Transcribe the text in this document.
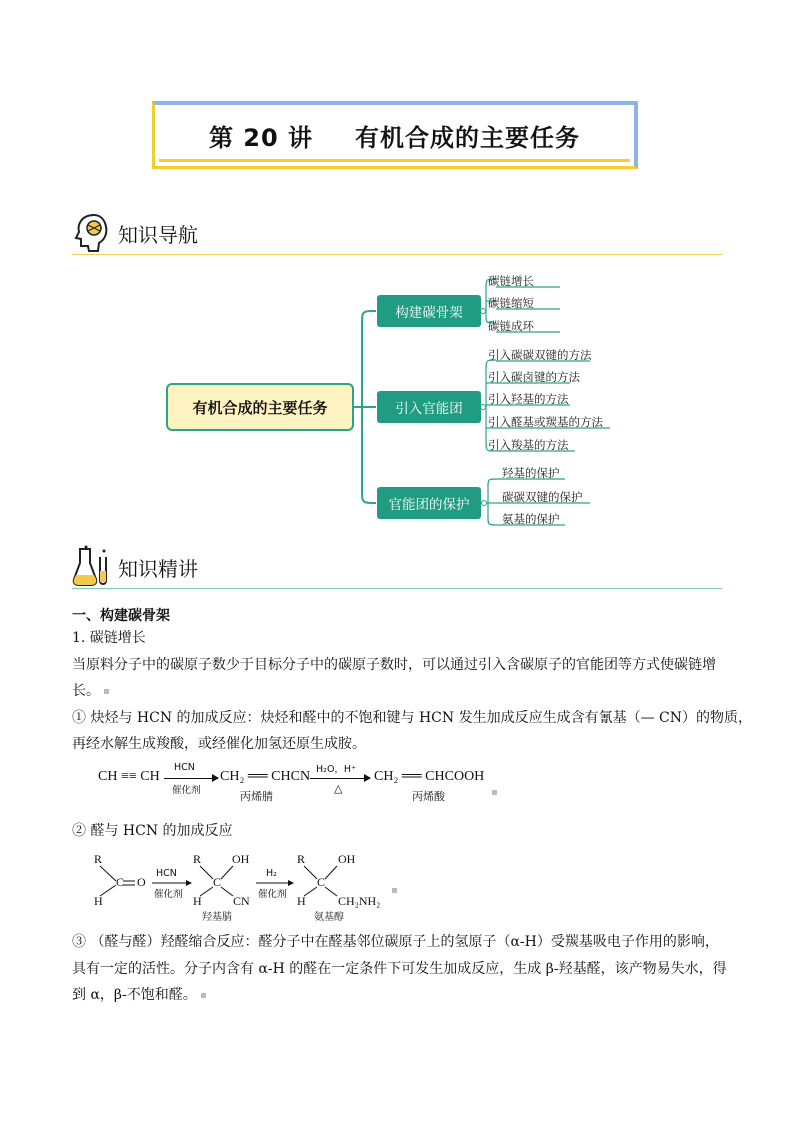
第 20 讲 有机合成的主要任务
知识导航
有机合成的主要任务
构建碳骨架
引入官能团
官能团的保护
碳链增长
碳链缩短
碳链成环
引入碳碳双键的方法
引入碳卤键的方法
引入羟基的方法
引入醛基或羰基的方法
引入羧基的方法
羟基的保护
碳碳双键的保护
氨基的保护
知识精讲
一、构建碳骨架
1. 碳链增长
当原料分子中的碳原子数少于目标分子中的碳原子数时，可以通过引入含碳原子的官能团等方式使碳链增
长。
① 炔烃与 HCN 的加成反应：炔烃和醛中的不饱和键与 HCN 发生加成反应生成含有氰基（— CN）的物质，
再经水解生成羧酸，或经催化加氢还原生成胺。
CH ≡≡ CH
HCN
催化剂
CH₂ ══ CHCN
丙烯腈
H₂O，H⁺
△
CH₂ ══ CHCOOH
丙烯酸
② 醛与 HCN 的加成反应
R
H
C O
HCN
催化剂
R	OH
H
C
CN
羟基腈
H₂
催化剂
R	OH
H
C
CH₂NH₂
氨基醇
③ （醛与醛）羟醛缩合反应：醛分子中在醛基邻位碳原子上的氢原子（α-H）受羰基吸电子作用的影响，
具有一定的活性。分子内含有 α-H 的醛在一定条件下可发生加成反应，生成 β-羟基醛，该产物易失水，得
到 α，β-不饱和醛。
